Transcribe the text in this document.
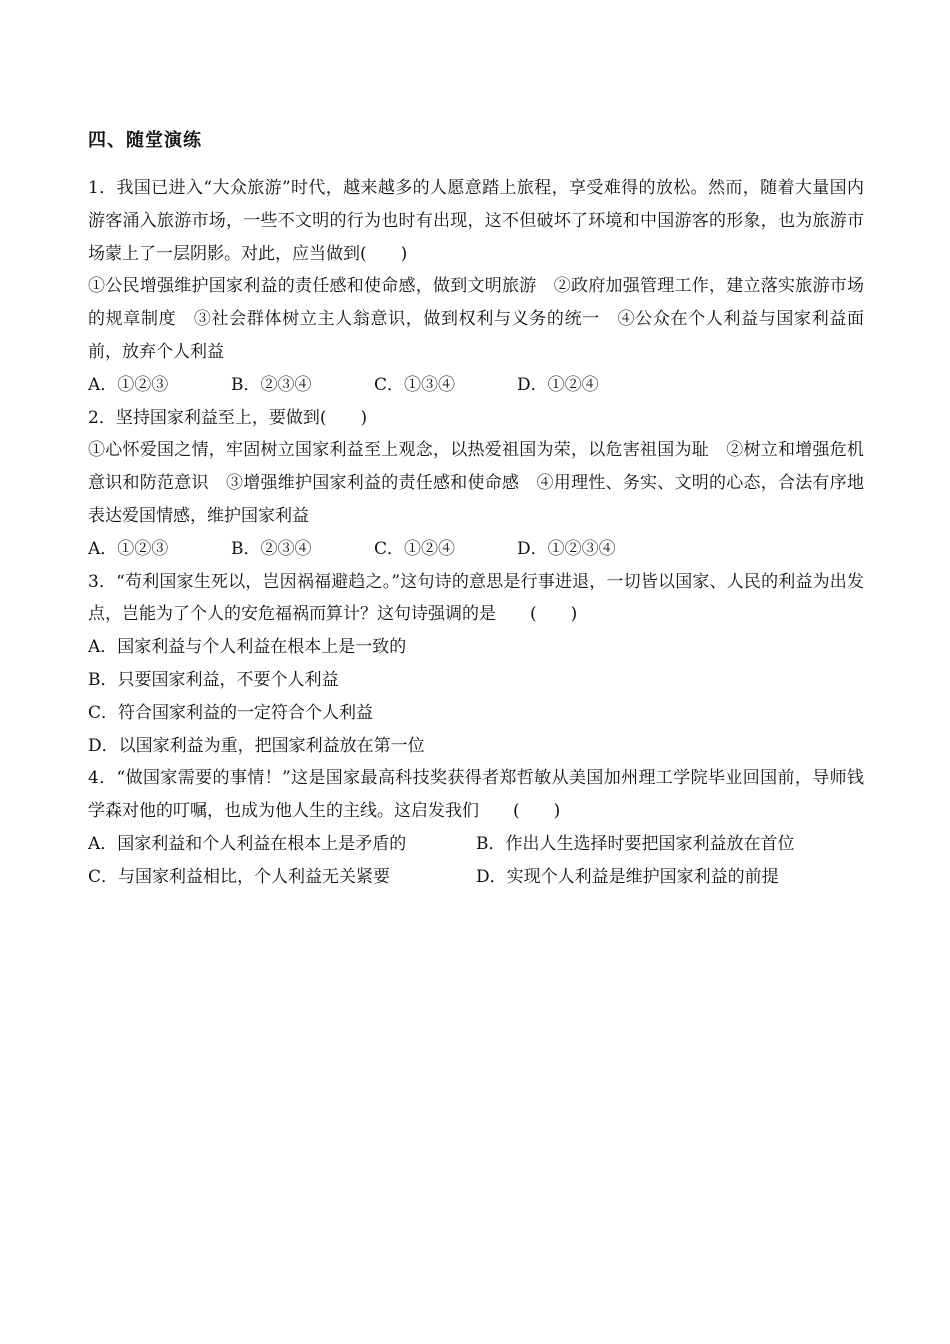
四、随堂演练

1．我国已进入“大众旅游”时代，越来越多的人愿意踏上旅程，享受难得的放松。然而，随着大量国内游客涌入旅游市场，一些不文明的行为也时有出现，这不但破坏了环境和中国游客的形象，也为旅游市场蒙上了一层阴影。对此，应当做到(　　)

①公民增强维护国家利益的责任感和使命感，做到文明旅游　②政府加强管理工作，建立落实旅游市场的规章制度　③社会群体树立主人翁意识，做到权利与义务的统一　④公众在个人利益与国家利益面前，放弃个人利益

A．①②③	B．②③④	C．①③④	D．①②④

2．坚持国家利益至上，要做到(　　)

①心怀爱国之情，牢固树立国家利益至上观念，以热爱祖国为荣，以危害祖国为耻　②树立和增强危机意识和防范意识　③增强维护国家利益的责任感和使命感　④用理性、务实、文明的心态，合法有序地表达爱国情感，维护国家利益

A．①②③	B．②③④	C．①②④	D．①②③④

3．“苟利国家生死以，岂因祸福避趋之。”这句诗的意思是行事进退，一切皆以国家、人民的利益为出发点，岂能为了个人的安危福祸而算计？这句诗强调的是　　(　　)

A．国家利益与个人利益在根本上是一致的

B．只要国家利益，不要个人利益

C．符合国家利益的一定符合个人利益

D．以国家利益为重，把国家利益放在第一位

4．“做国家需要的事情！”这是国家最高科技奖获得者郑哲敏从美国加州理工学院毕业回国前，导师钱学森对他的叮嘱，也成为他人生的主线。这启发我们　　(　　)

A．国家利益和个人利益在根本上是矛盾的	B．作出人生选择时要把国家利益放在首位
C．与国家利益相比，个人利益无关紧要	D．实现个人利益是维护国家利益的前提
